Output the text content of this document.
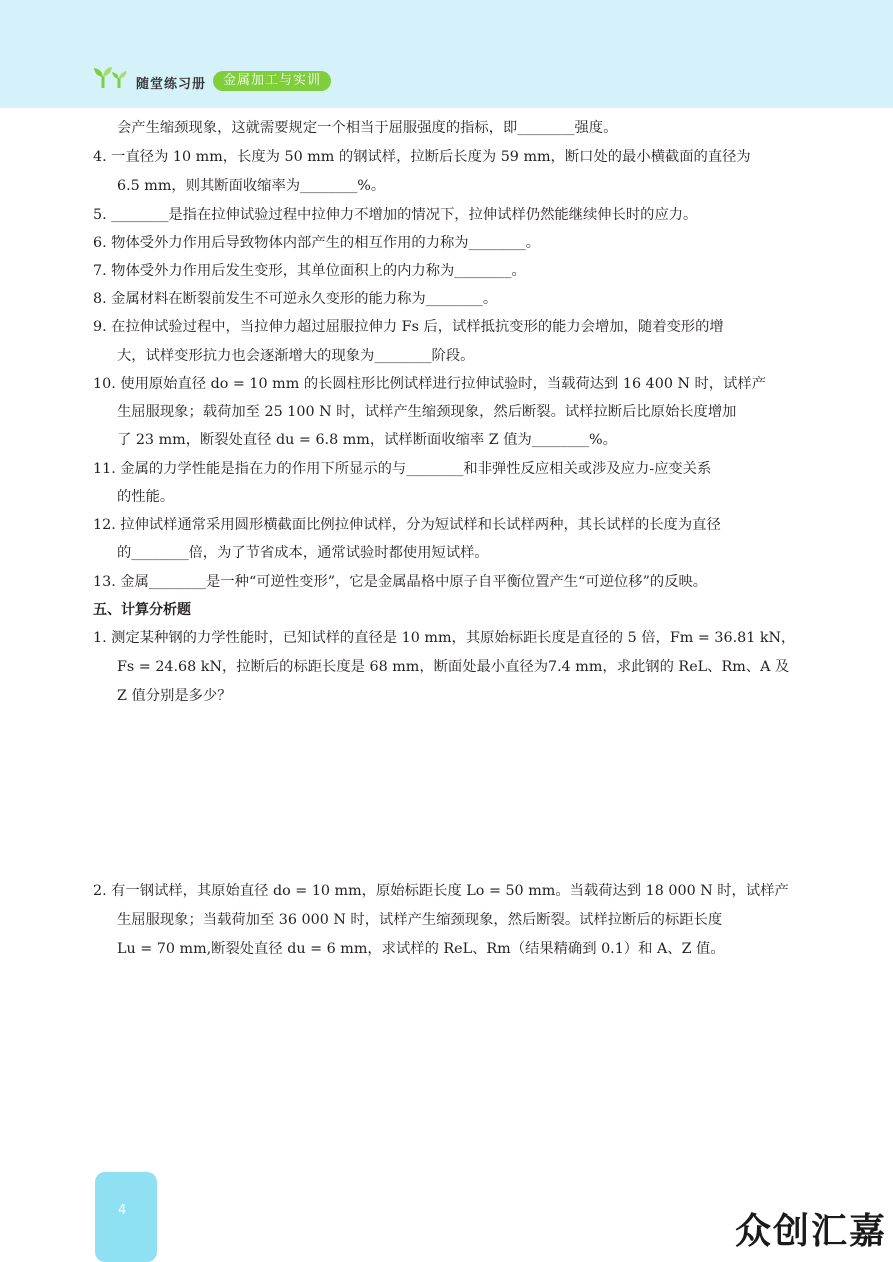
随堂练习册	金属加工与实训
会产生缩颈现象，这就需要规定一个相当于屈服强度的指标，即________强度。
4. 一直径为 10 mm，长度为 50 mm 的钢试样，拉断后长度为 59 mm，断口处的最小横截面的直径为
6.5 mm，则其断面收缩率为________%。
5. ________是指在拉伸试验过程中拉伸力不增加的情况下，拉伸试样仍然能继续伸长时的应力。
6. 物体受外力作用后导致物体内部产生的相互作用的力称为________。
7. 物体受外力作用后发生变形，其单位面积上的内力称为________。
8. 金属材料在断裂前发生不可逆永久变形的能力称为________。
9. 在拉伸试验过程中，当拉伸力超过屈服拉伸力 Fs 后，试样抵抗变形的能力会增加，随着变形的增
大，试样变形抗力也会逐渐增大的现象为________阶段。
10. 使用原始直径 do = 10 mm 的长圆柱形比例试样进行拉伸试验时，当载荷达到 16 400 N 时，试样产
生屈服现象；载荷加至 25 100 N 时，试样产生缩颈现象，然后断裂。试样拉断后比原始长度增加
了 23 mm，断裂处直径 du = 6.8 mm，试样断面收缩率 Z 值为________%。
11. 金属的力学性能是指在力的作用下所显示的与________和非弹性反应相关或涉及应力-应变关系
的性能。
12. 拉伸试样通常采用圆形横截面比例拉伸试样，分为短试样和长试样两种，其长试样的长度为直径
的________倍，为了节省成本，通常试验时都使用短试样。
13. 金属________是一种“可逆性变形”，它是金属晶格中原子自平衡位置产生“可逆位移”的反映。
五、计算分析题
1. 测定某种钢的力学性能时，已知试样的直径是 10 mm，其原始标距长度是直径的 5 倍，Fm = 36.81 kN，
Fs = 24.68 kN，拉断后的标距长度是 68 mm，断面处最小直径为7.4 mm，求此钢的 ReL、Rm、A 及
Z 值分别是多少？
2. 有一钢试样，其原始直径 do = 10 mm，原始标距长度 Lo = 50 mm。当载荷达到 18 000 N 时，试样产
生屈服现象；当载荷加至 36 000 N 时，试样产生缩颈现象，然后断裂。试样拉断后的标距长度
Lu = 70 mm,断裂处直径 du = 6 mm，求试样的 ReL、Rm（结果精确到 0.1）和 A、Z 值。
4
众创汇嘉
